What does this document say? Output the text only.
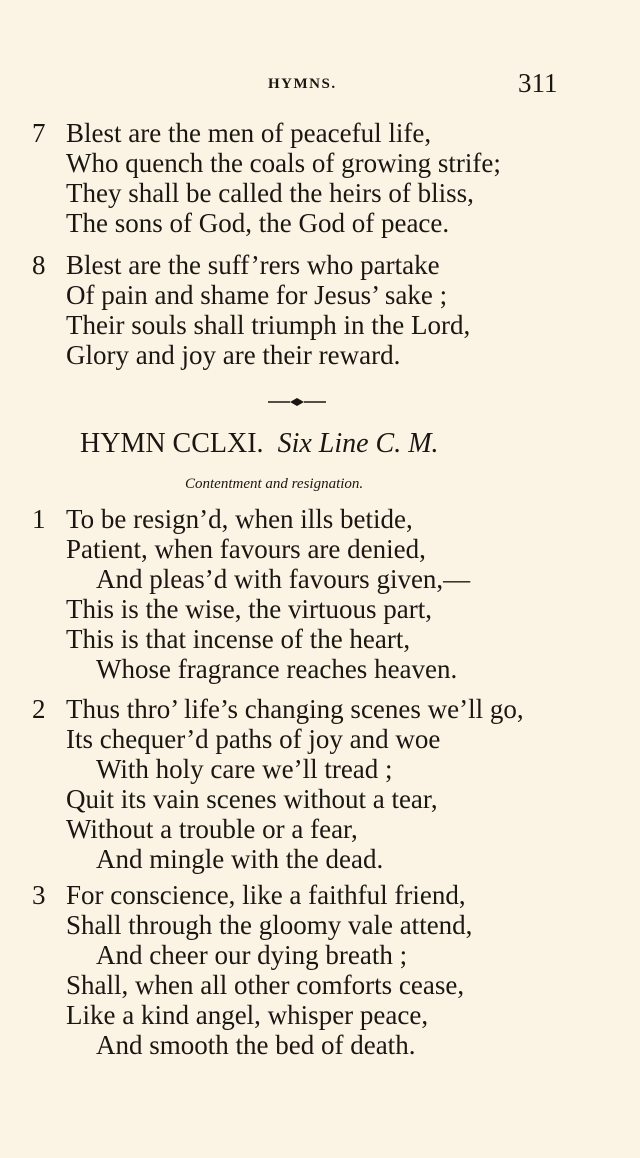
HYMNS.	311
7 Blest are the men of peaceful life,
Who quench the coals of growing strife;
They shall be called the heirs of bliss,
The sons of God, the God of peace.
8 Blest are the suff’rers who partake
Of pain and shame for Jesus’ sake ;
Their souls shall triumph in the Lord,
Glory and joy are their reward.
HYMN CCLXI. Six Line C. M.
Contentment and resignation.
1 To be resign’d, when ills betide,
Patient, when favours are denied,
And pleas’d with favours given,—
This is the wise, the virtuous part,
This is that incense of the heart,
Whose fragrance reaches heaven.
2 Thus thro’ life’s changing scenes we’ll go,
Its chequer’d paths of joy and woe
With holy care we’ll tread ;
Quit its vain scenes without a tear,
Without a trouble or a fear,
And mingle with the dead.
3 For conscience, like a faithful friend,
Shall through the gloomy vale attend,
And cheer our dying breath ;
Shall, when all other comforts cease,
Like a kind angel, whisper peace,
And smooth the bed of death.
